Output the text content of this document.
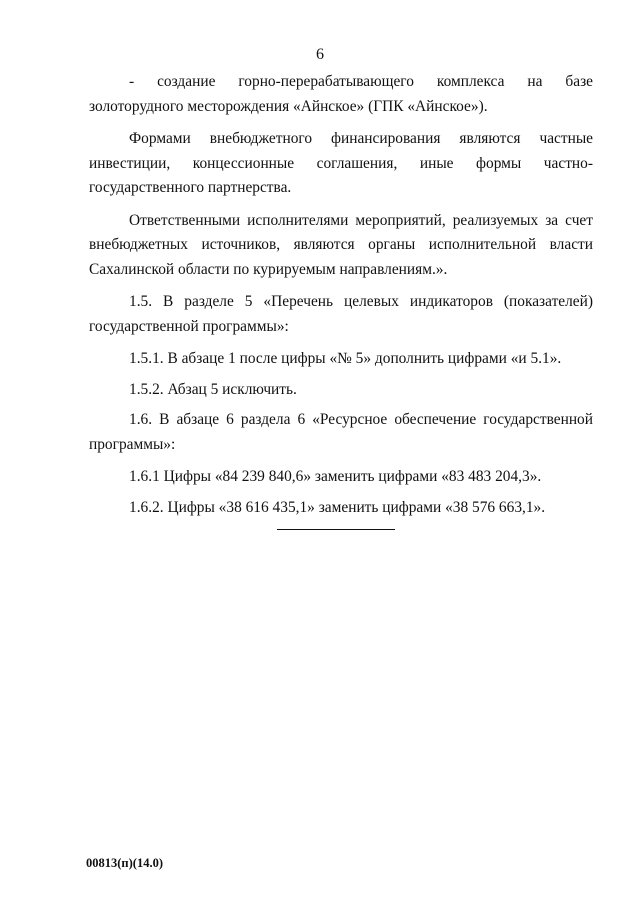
6

- создание горно-перерабатывающего комплекса на базе золоторудного месторождения «Айнское» (ГПК «Айнское»).

Формами внебюджетного финансирования являются частные инвестиции, концессионные соглашения, иные формы частно-государственного партнерства.

Ответственными исполнителями мероприятий, реализуемых за счет внебюджетных источников, являются органы исполнительной власти Сахалинской области по курируемым направлениям.».

1.5. В разделе 5 «Перечень целевых индикаторов (показателей) государственной программы»:

1.5.1. В абзаце 1 после цифры «№ 5» дополнить цифрами «и 5.1».

1.5.2. Абзац 5 исключить.

1.6. В абзаце 6 раздела 6 «Ресурсное обеспечение государственной программы»:

1.6.1 Цифры «84 239 840,6» заменить цифрами «83 483 204,3».

1.6.2. Цифры «38 616 435,1» заменить цифрами «38 576 663,1».

00813(п)(14.0)
